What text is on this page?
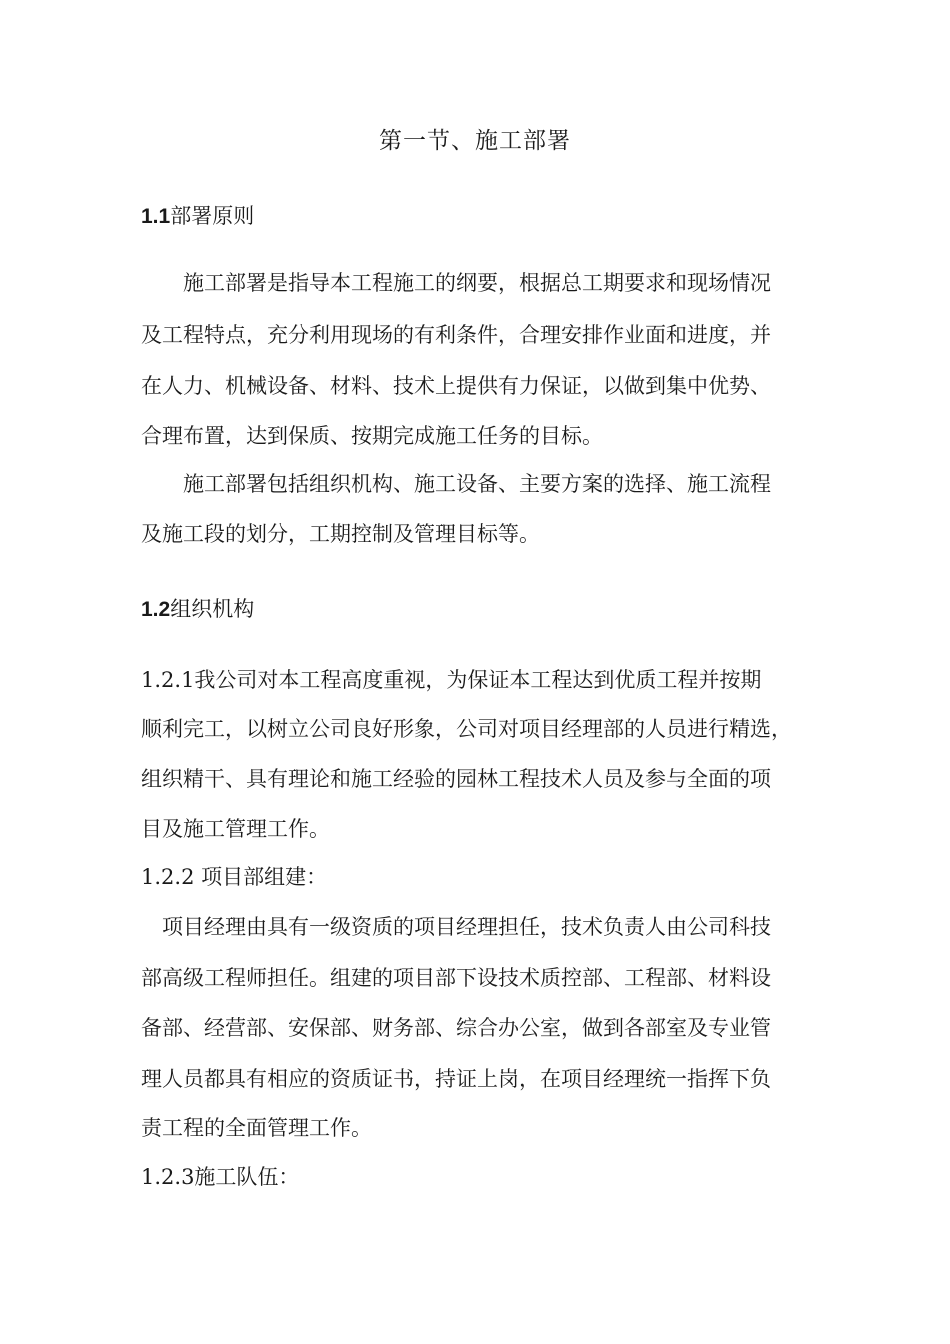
第一节、施工部署
1.1部署原则
施工部署是指导本工程施工的纲要，根据总工期要求和现场情况
及工程特点，充分利用现场的有利条件，合理安排作业面和进度，并
在人力、机械设备、材料、技术上提供有力保证，以做到集中优势、
合理布置，达到保质、按期完成施工任务的目标。
施工部署包括组织机构、施工设备、主要方案的选择、施工流程
及施工段的划分，工期控制及管理目标等。
1.2组织机构
1.2.1我公司对本工程高度重视，为保证本工程达到优质工程并按期
顺利完工，以树立公司良好形象，公司对项目经理部的人员进行精选，
组织精干、具有理论和施工经验的园林工程技术人员及参与全面的项
目及施工管理工作。
1.2.2 项目部组建：
项目经理由具有一级资质的项目经理担任，技术负责人由公司科技
部高级工程师担任。组建的项目部下设技术质控部、工程部、材料设
备部、经营部、安保部、财务部、综合办公室，做到各部室及专业管
理人员都具有相应的资质证书，持证上岗，在项目经理统一指挥下负
责工程的全面管理工作。
1.2.3施工队伍：
